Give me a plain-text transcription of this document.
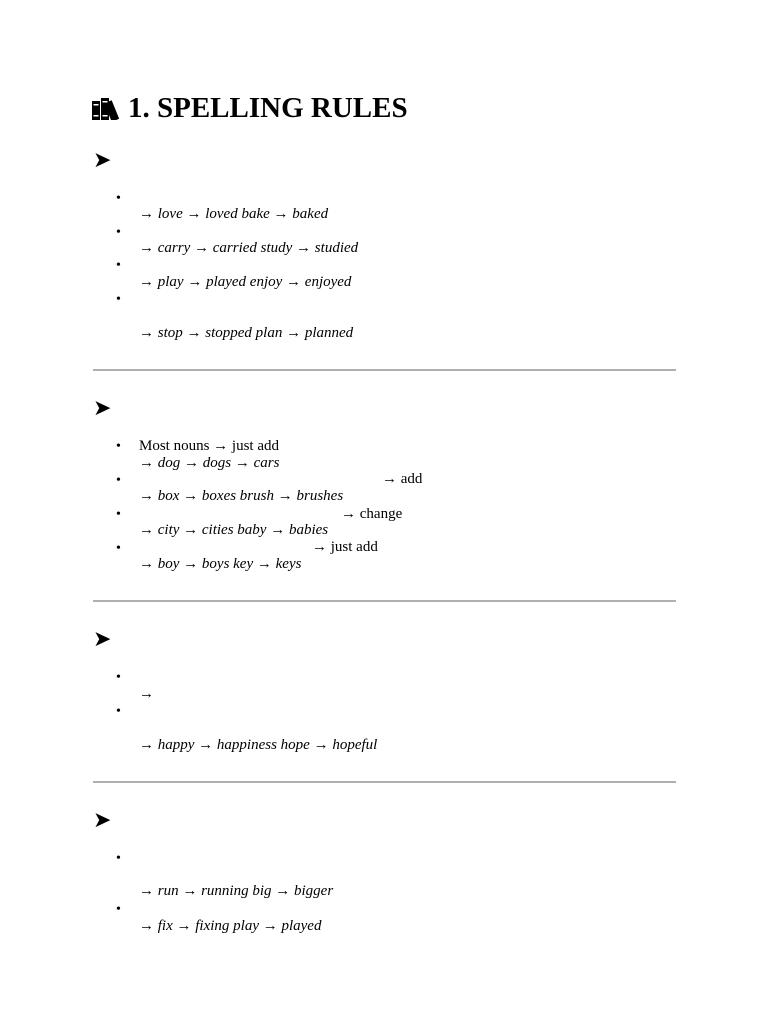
1. SPELLING RULES
➤
•
→ love → loved bake → baked
•
→ carry → carried study → studied
•
→ play → played enjoy → enjoyed
•
→ stop → stopped plan → planned
➤
• Most nouns → just add
→ dog → dogs → cars
•	→ add
→ box → boxes brush → brushes
•	→ change
→ city → cities baby → babies
•	→ just add
→ boy → boys key → keys
➤
•
→
•
→ happy → happiness hope → hopeful
➤
•
→ run → running big → bigger
•
→ fix → fixing play → played
